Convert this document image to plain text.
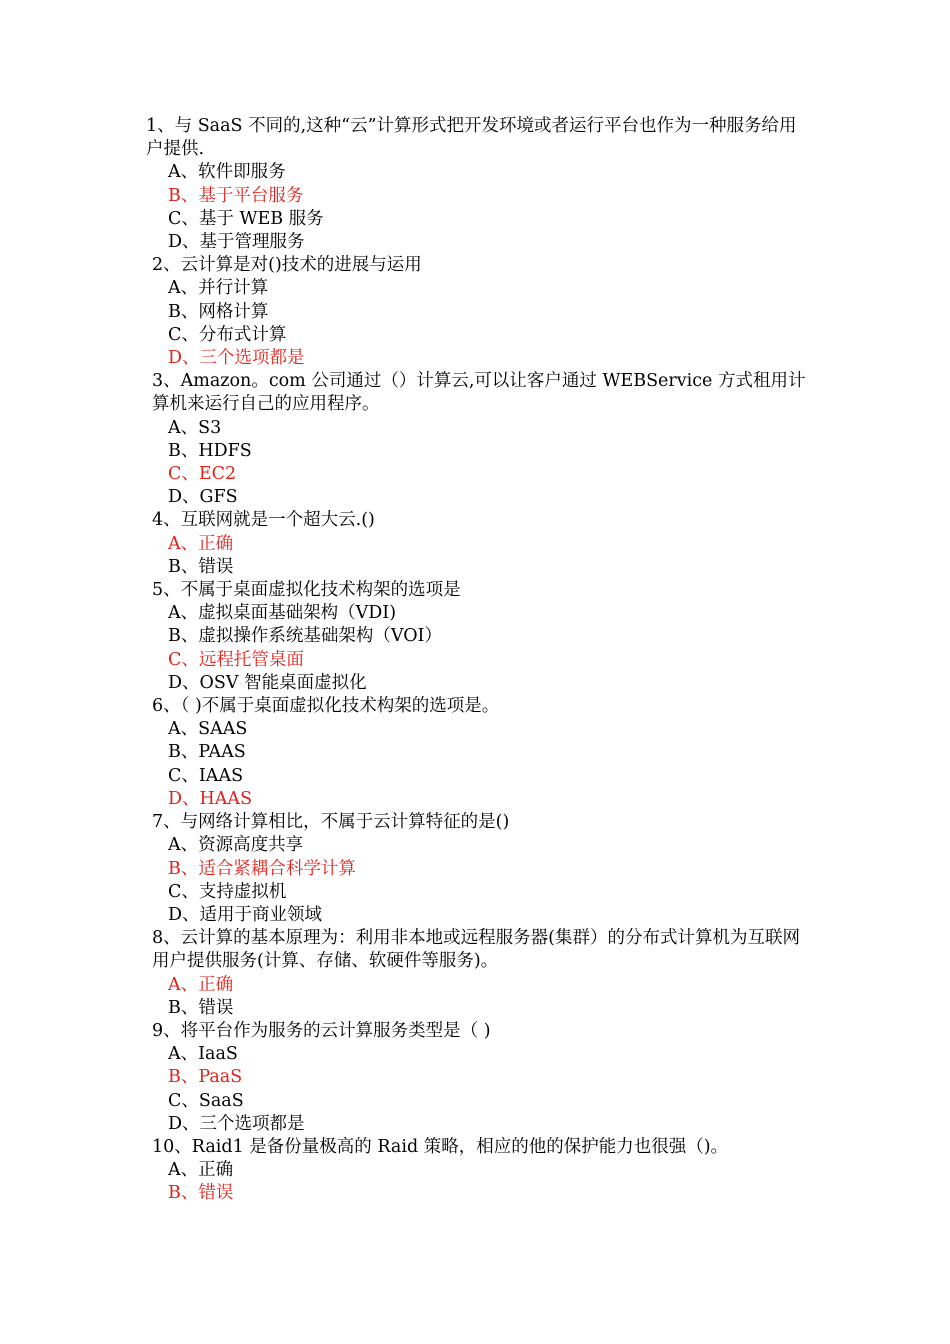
1、与 SaaS 不同的,这种“云”计算形式把开发环境或者运行平台也作为一种服务给用户提供.
A、软件即服务
B、基于平台服务
C、基于 WEB 服务
D、基于管理服务
2、云计算是对()技术的进展与运用
A、并行计算
B、网格计算
C、分布式计算
D、三个选项都是
3、Amazon。com 公司通过（）计算云,可以让客户通过 WEBService 方式租用计算机来运行自己的应用程序。
A、S3
B、HDFS
C、EC2
D、GFS
4、互联网就是一个超大云.()
A、正确
B、错误
5、不属于桌面虚拟化技术构架的选项是
A、虚拟桌面基础架构（VDI)
B、虚拟操作系统基础架构（VOI）
C、远程托管桌面
D、OSV 智能桌面虚拟化
6、（ )不属于桌面虚拟化技术构架的选项是。
A、SAAS
B、PAAS
C、IAAS
D、HAAS
7、与网络计算相比，不属于云计算特征的是()
A、资源高度共享
B、适合紧耦合科学计算
C、支持虚拟机
D、适用于商业领域
8、云计算的基本原理为：利用非本地或远程服务器(集群）的分布式计算机为互联网用户提供服务(计算、存储、软硬件等服务)。
A、正确
B、错误
9、将平台作为服务的云计算服务类型是（ )
A、IaaS
B、PaaS
C、SaaS
D、三个选项都是
10、Raid1 是备份量极高的 Raid 策略，相应的他的保护能力也很强（)。
A、正确
B、错误
